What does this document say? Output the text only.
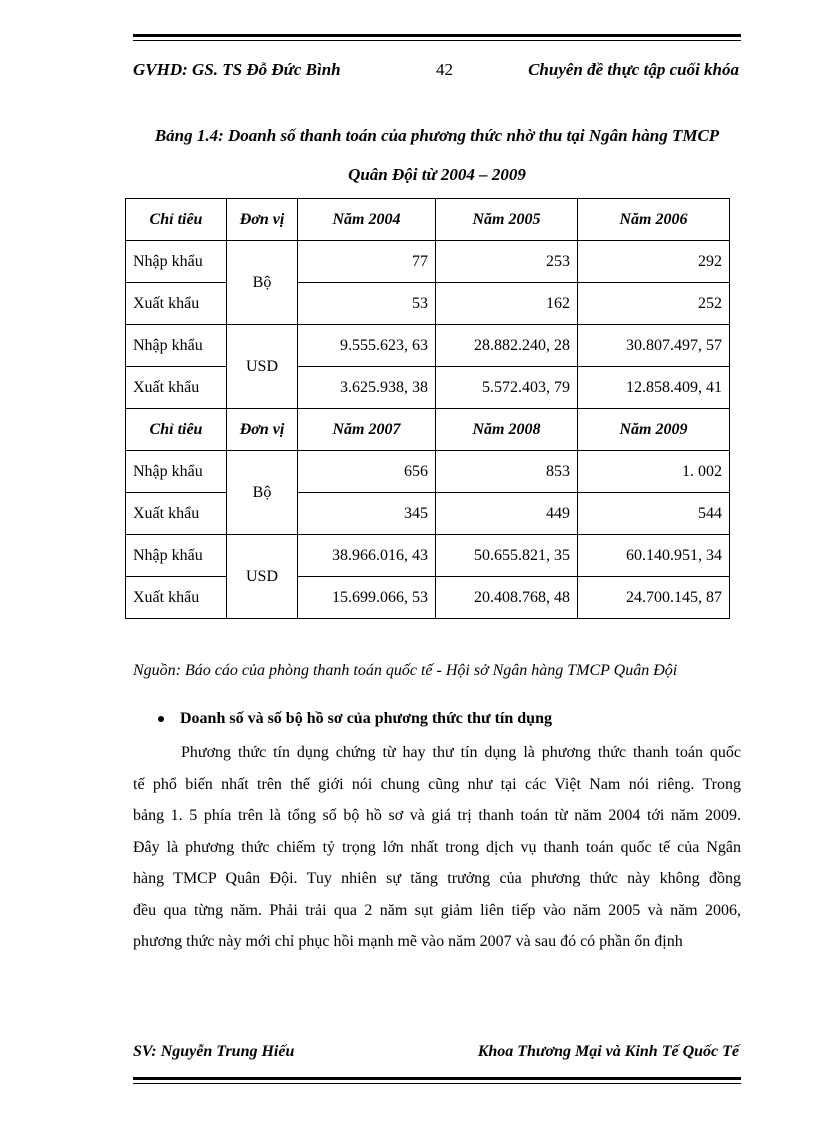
GVHD: GS. TS Đỗ Đức Bình	42	Chuyên đề thực tập cuối khóa
Bảng 1.4: Doanh số thanh toán của phương thức nhờ thu tại Ngân hàng TMCP
Quân Đội từ 2004 – 2009
Chỉ tiêu	Đơn vị	Năm 2004	Năm 2005	Năm 2006
Nhập khẩu	Bộ	77	253	292
Xuất khẩu		53	162	252
Nhập khẩu	USD	9.555.623, 63	28.882.240, 28	30.807.497, 57
Xuất khẩu		3.625.938, 38	5.572.403, 79	12.858.409, 41
Chỉ tiêu	Đơn vị	Năm 2007	Năm 2008	Năm 2009
Nhập khẩu	Bộ	656	853	1. 002
Xuất khẩu		345	449	544
Nhập khẩu	USD	38.966.016, 43	50.655.821, 35	60.140.951, 34
Xuất khẩu		15.699.066, 53	20.408.768, 48	24.700.145, 87
Nguồn: Báo cáo của phòng thanh toán quốc tế - Hội sở Ngân hàng TMCP Quân Đội
Doanh số và số bộ hồ sơ của phương thức thư tín dụng
Phương thức tín dụng chứng từ hay thư tín dụng là phương thức thanh toán quốc
tế phổ biến nhất trên thế giới nói chung cũng như tại các Việt Nam nói riêng. Trong
bảng 1. 5 phía trên là tổng số bộ hồ sơ và giá trị thanh toán từ năm 2004 tới năm 2009.
Đây là phương thức chiếm tỷ trọng lớn nhất trong dịch vụ thanh toán quốc tế của Ngân
hàng TMCP Quân Đội. Tuy nhiên sự tăng trưởng của phương thức này không đồng
đều qua từng năm. Phải trải qua 2 năm sụt giảm liên tiếp vào năm 2005 và năm 2006,
phương thức này mới chỉ phục hồi mạnh mẽ vào năm 2007 và sau đó có phần ổn định
SV: Nguyễn Trung Hiếu	Khoa Thương Mại và Kinh Tế Quốc Tế
